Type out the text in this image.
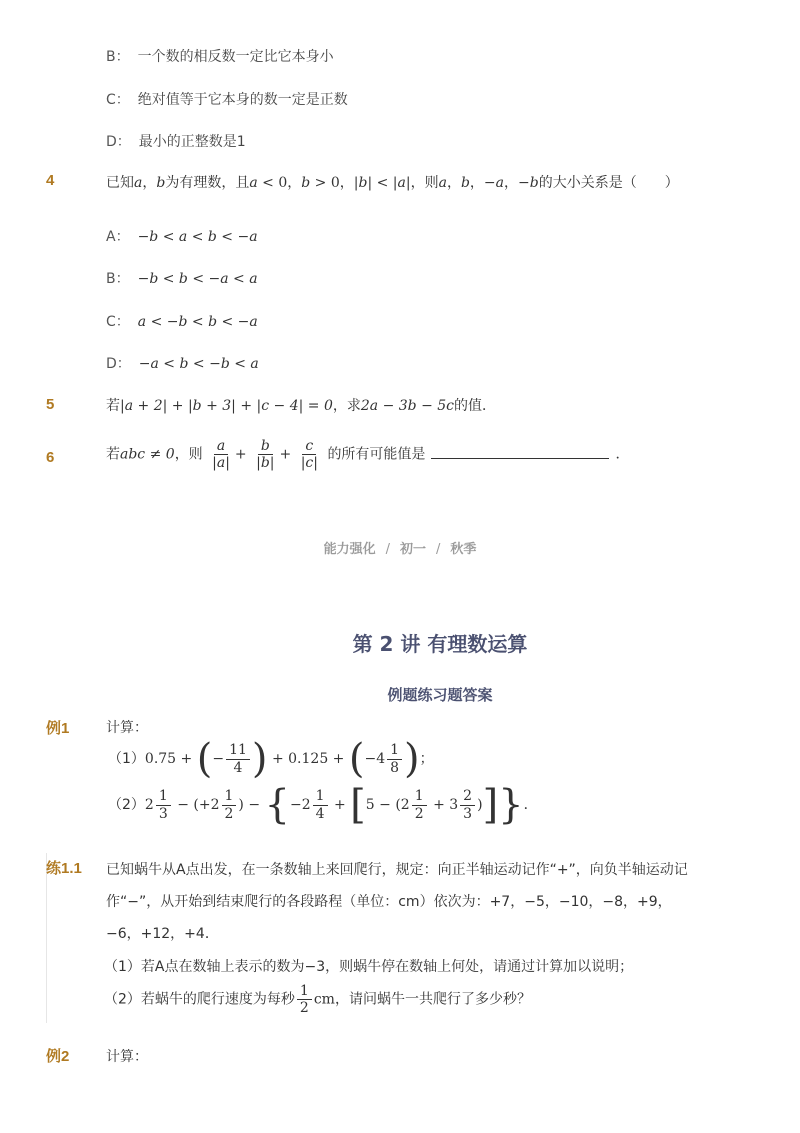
B： 一个数的相反数一定比它本身小
C： 绝对值等于它本身的数一定是正数
D： 最小的正整数是1
4	已知a，b为有理数，且a < 0，b > 0，|b| < |a|，则a，b，−a，−b的大小关系是（　　）
A： −b < a < b < −a
B： −b < b < −a < a
C： a < −b < b < −a
D： −a < b < −b < a
5	若|a + 2| + |b + 3| + |c − 4| = 0，求2a − 3b − 5c的值．
6	若abc ≠ 0，则 $\frac{a}{|a|} + \frac{b}{|b|} + \frac{c}{|c|}$ 的所有可能值是	．
能力强化 / 初一 / 秋季
第 2 讲 有理数运算
例题练习题答案
例1	计算：
（1）0.75 + (− $\frac{11}{4}$ ) + $0.125 + (-4 \frac{1}{8}$ )；
$(2)2 \frac{1}{3} - (+2 \frac{1}{2}$ ) − {$-2 \frac{1}{4} + [5 - (2 \frac{1}{2} + 3 \frac{2}{3}$ )]}．
练1.1 已知蜗牛从A点出发，在一条数轴上来回爬行，规定：向正半轴运动记作“+”，向负半轴运动记
作“−”，从开始到结束爬行的各段路程（单位：cm）依次为：+7，−5，−10，−8，+9，
−6，+12，+4．
（1）若A点在数轴上表示的数为−3，则蜗牛停在数轴上何处，请通过计算加以说明；
（2）若蜗牛的爬行速度为每秒 $\frac{1}{2}$ cm，请问蜗牛一共爬行了多少秒？
例2	计算：
